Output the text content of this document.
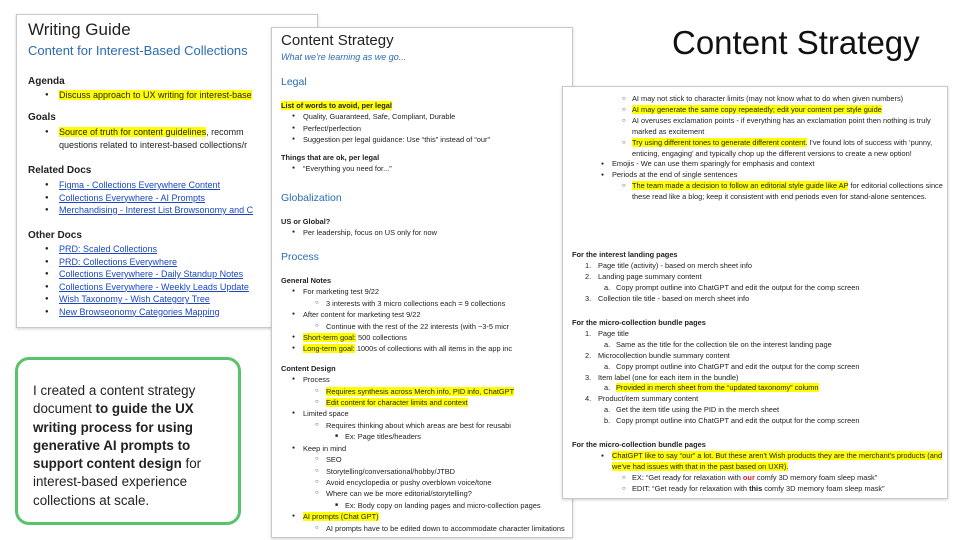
Writing Guide
Content for Interest-Based Collections
Agenda
● Discuss approach to UX writing for interest-base
Goals
● Source of truth for content guidelines, recomm
questions related to interest-based collections/r
Related Docs
● Figma - Collections Everywhere Content
● Collections Everywhere - AI Prompts
● Merchandising - Interest List Browsonomy and C
Other Docs
● PRD: Scaled Collections
● PRD: Collections Everywhere
● Collections Everywhere - Daily Standup Notes
● Collections Everywhere - Weekly Leads Update
● Wish Taxonomy - Wish Category Tree
● New Browseonomy Categories Mapping
Content Strategy
What we're learning as we go...
Legal
List of words to avoid, per legal
● Quality, Guaranteed, Safe, Compliant, Durable
● Perfect/perfection
● Suggestion per legal guidance: Use “this” instead of “our”
Things that are ok, per legal
● “Everything you need for...”
Globalization
US or Global?
● Per leadership, focus on US only for now
Process
General Notes
● For marketing test 9/22
○ 3 interests with 3 micro collections each = 9 collections
● After content for marketing test 9/22
○ Continue with the rest of the 22 interests (with ~3-5 micr
● Short-term goal: 500 collections
● Long-term goal: 1000s of collections with all items in the app inc
Content Design
● Process
○ Requires synthesis across Merch info, PID info, ChatGPT
○ Edit content for character limits and context
● Limited space
○ Requires thinking about which areas are best for reusabi
■ Ex: Page titles/headers
● Keep in mind
○ SEO
○ Storytelling/conversational/hobby/JTBD
○ Avoid encyclopedia or pushy overblown voice/tone
○ Where can we be more editorial/storytelling?
■ Ex: Body copy on landing pages and micro-collection pages
● AI prompts (Chat GPT)
○ AI prompts have to be edited down to accommodate character limitations
○ AI may not stick to character limits (may not know what to do when given numbers)
○ AI may generate the same copy repeatedly; edit your content per style guide
○ AI overuses exclamation points - if everything has an exclamation point then nothing is truly marked as excitement
○ Try using different tones to generate different content. I've found lots of success with ‘punny, enticing, engaging’ and typically chop up the different versions to create a new option!
● Emojis - We can use them sparingly for emphasis and context
● Periods at the end of single sentences
○ The team made a decision to follow an editorial style guide like AP for editorial collections since these read like a blog; keep it consistent with end periods even for stand-alone sentences.
For the interest landing pages
1. Page title (activity) - based on merch sheet info
2. Landing page summary content
a. Copy prompt outline into ChatGPT and edit the output for the comp screen
3. Collection tile title - based on merch sheet info
For the micro-collection bundle pages
1. Page title
a. Same as the title for the collection tile on the interest landing page
2. Microcollection bundle summary content
a. Copy prompt outline into ChatGPT and edit the output for the comp screen
3. Item label (one for each item in the bundle)
a. Provided in merch sheet from the “updated taxonomy” column
4. Product/item summary content
a. Get the item title using the PID in the merch sheet
b. Copy prompt outline into ChatGPT and edit the output for the comp screen
For the micro-collection bundle pages
● ChatGPT like to say “our” a lot. But these aren't Wish products they are the merchant's products (and we've had issues with that in the past based on UXR).
○ EX: “Get ready for relaxation with our comfy 3D memory foam sleep mask”
○ EDIT: “Get ready for relaxation with this comfy 3D memory foam sleep mask”
Content Strategy
I created a content strategy document to guide the UX writing process for using generative AI prompts to support content design for interest-based experience collections at scale.
